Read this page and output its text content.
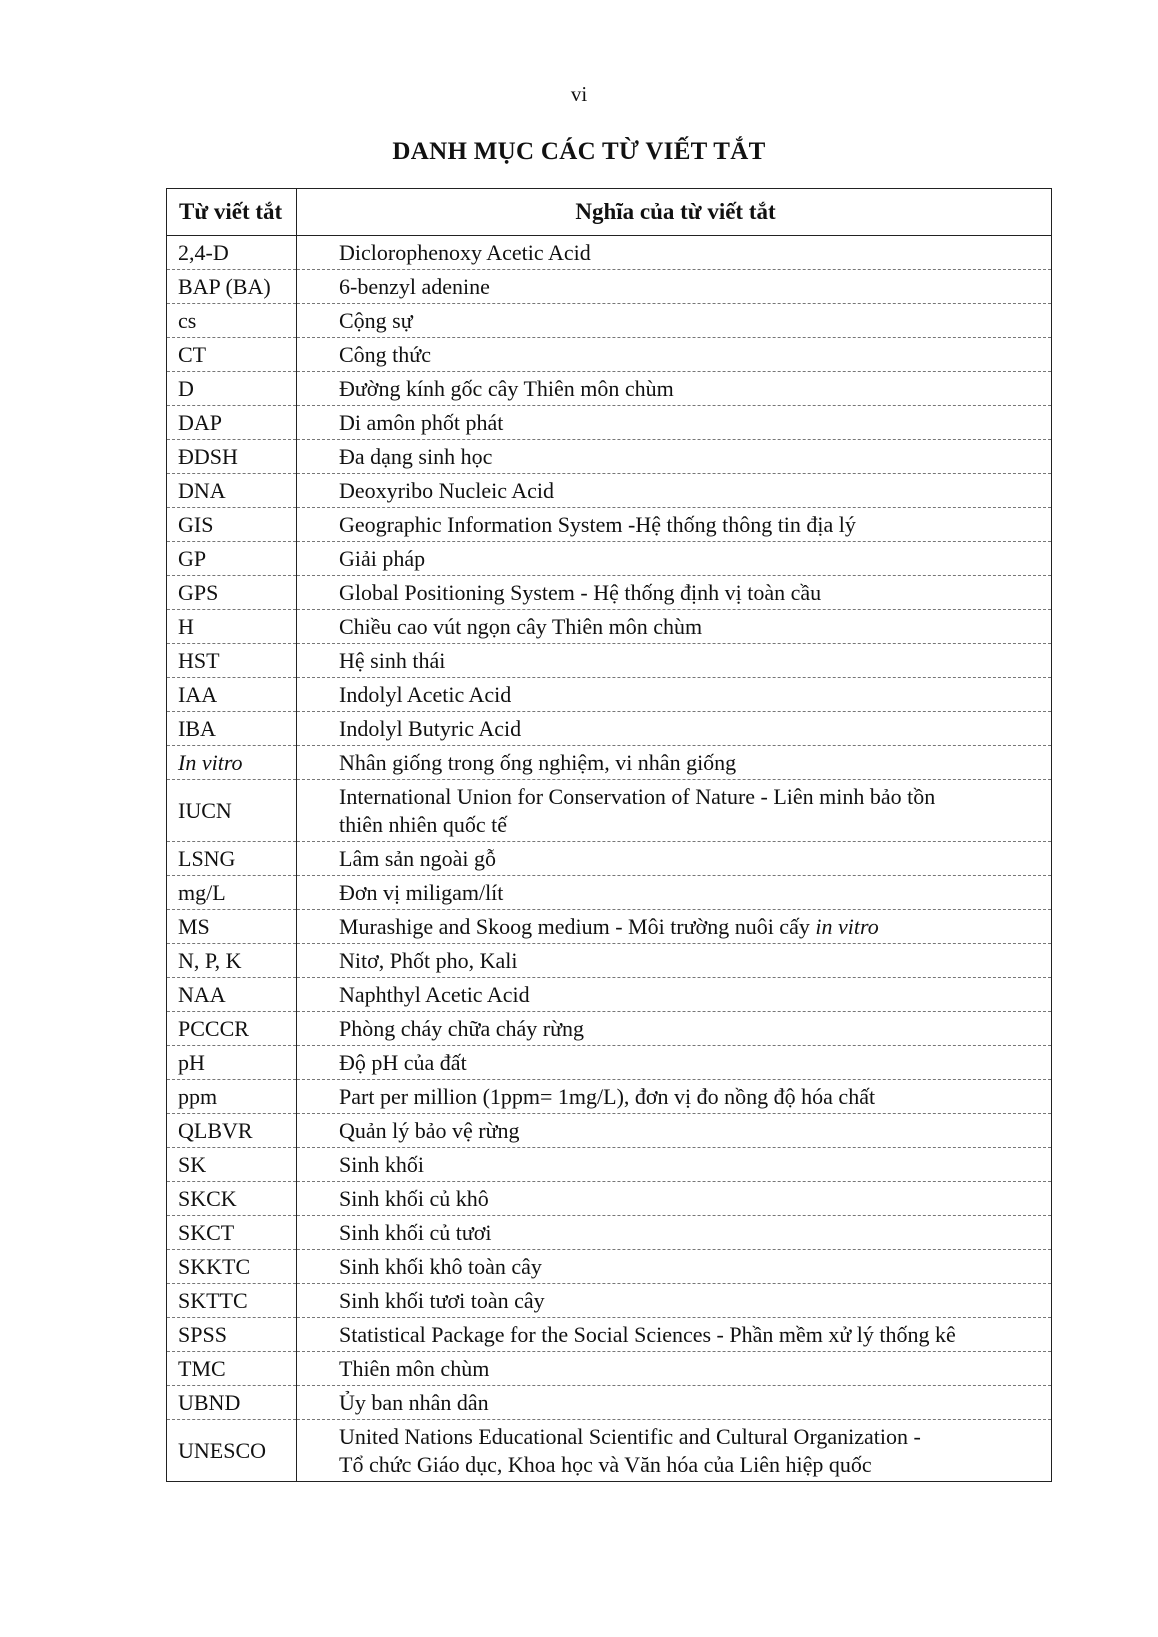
vi
DANH MỤC CÁC TỪ VIẾT TẮT
Từ viết tắt	Nghĩa của từ viết tắt
2,4-D	Diclorophenoxy Acetic Acid
BAP (BA)	6-benzyl adenine
cs	Cộng sự
CT	Công thức
D	Đường kính gốc cây Thiên môn chùm
DAP	Di amôn phốt phát
ĐDSH	Đa dạng sinh học
DNA	Deoxyribo Nucleic Acid
GIS	Geographic Information System -Hệ thống thông tin địa lý
GP	Giải pháp
GPS	Global Positioning System - Hệ thống định vị toàn cầu
H	Chiều cao vút ngọn cây Thiên môn chùm
HST	Hệ sinh thái
IAA	Indolyl Acetic Acid
IBA	Indolyl Butyric Acid
In vitro	Nhân giống trong ống nghiệm, vi nhân giống
IUCN	International Union for Conservation of Nature - Liên minh bảo tồn
thiên nhiên quốc tế
LSNG	Lâm sản ngoài gỗ
mg/L	Đơn vị miligam/lít
MS	Murashige and Skoog medium - Môi trường nuôi cấy in vitro
N, P, K	Nitơ, Phốt pho, Kali
NAA	Naphthyl Acetic Acid
PCCCR	Phòng cháy chữa cháy rừng
pH	Độ pH của đất
ppm	Part per million (1ppm= 1mg/L), đơn vị đo nồng độ hóa chất
QLBVR	Quản lý bảo vệ rừng
SK	Sinh khối
SKCK	Sinh khối củ khô
SKCT	Sinh khối củ tươi
SKKTC	Sinh khối khô toàn cây
SKTTC	Sinh khối tươi toàn cây
SPSS	Statistical Package for the Social Sciences - Phần mềm xử lý thống kê
TMC	Thiên môn chùm
UBND	Ủy ban nhân dân
UNESCO	United Nations Educational Scientific and Cultural Organization -
Tổ chức Giáo dục, Khoa học và Văn hóa của Liên hiệp quốc
